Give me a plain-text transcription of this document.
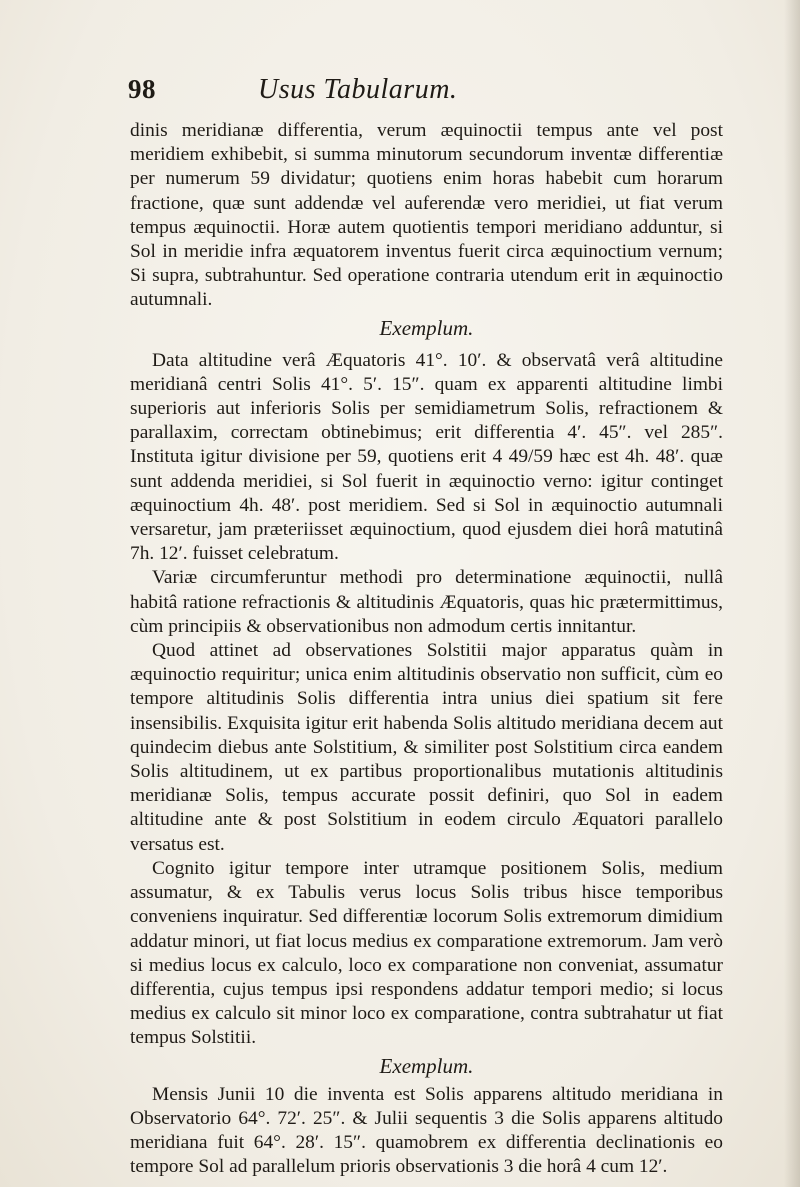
98	Usus Tabularum.

dinis meridianæ differentia, verum æquinoctii tempus ante vel post meridiem exhibebit, si summa minutorum secundorum inventæ differentiæ per numerum 59 dividatur; quotiens enim horas habebit cum horarum fractione, quæ sunt addendæ vel auferendæ vero meridiei, ut fiat verum tempus æquinoctii. Horæ autem quotientis tempori meridiano adduntur, si Sol in meridie infra æquatorem inventus fuerit circa æquinoctium vernum; Si supra, subtrahuntur. Sed operatione contraria utendum erit in æquinoctio autumnali.

Exemplum.

Data altitudine verâ Æquatoris 41°. 10′. & observatâ verâ altitudine meridianâ centri Solis 41°. 5′. 15″. quam ex apparenti altitudine limbi superioris aut inferioris Solis per semidiametrum Solis, refractionem & parallaxim, correctam obtinebimus; erit differentia 4′. 45″. vel 285″. Instituta igitur divisione per 59, quotiens erit 4 49/59 hæc est 4h. 48′. quæ sunt addenda meridiei, si Sol fuerit in æquinoctio verno: igitur continget æquinoctium 4h. 48′. post meridiem. Sed si Sol in æquinoctio autumnali versaretur, jam præteriisset æquinoctium, quod ejusdem diei horâ matutinâ 7h. 12′. fuisset celebratum.

Variæ circumferuntur methodi pro determinatione æquinoctii, nullâ habitâ ratione refractionis & altitudinis Æquatoris, quas hic prætermittimus, cùm principiis & observationibus non admodum certis innitantur.

Quod attinet ad observationes Solstitii major apparatus quàm in æquinoctio requiritur; unica enim altitudinis observatio non sufficit, cùm eo tempore altitudinis Solis differentia intra unius diei spatium sit fere insensibilis. Exquisita igitur erit habenda Solis altitudo meridiana decem aut quindecim diebus ante Solstitium, & similiter post Solstitium circa eandem Solis altitudinem, ut ex partibus proportionalibus mutationis altitudinis meridianæ Solis, tempus accurate possit definiri, quo Sol in eadem altitudine ante & post Solstitium in eodem circulo Æquatori parallelo versatus est.

Cognito igitur tempore inter utramque positionem Solis, medium assumatur, & ex Tabulis verus locus Solis tribus hisce temporibus conveniens inquiratur. Sed differentiæ locorum Solis extremorum dimidium addatur minori, ut fiat locus medius ex comparatione extremorum. Jam verò si medius locus ex calculo, loco ex comparatione non conveniat, assumatur differentia, cujus tempus ipsi respondens addatur tempori medio; si locus medius ex calculo sit minor loco ex comparatione, contra subtrahatur ut fiat tempus Solstitii.

Exemplum.

Mensis Junii 10 die inventa est Solis apparens altitudo meridiana in Observatorio 64°. 72′. 25″. & Julii sequentis 3 die Solis apparens altitudo meridiana fuit 64°. 28′. 15″. quamobrem ex differentia declinationis eo tempore Sol ad parallelum prioris observationis 3 die horâ 4 cum 12′.
